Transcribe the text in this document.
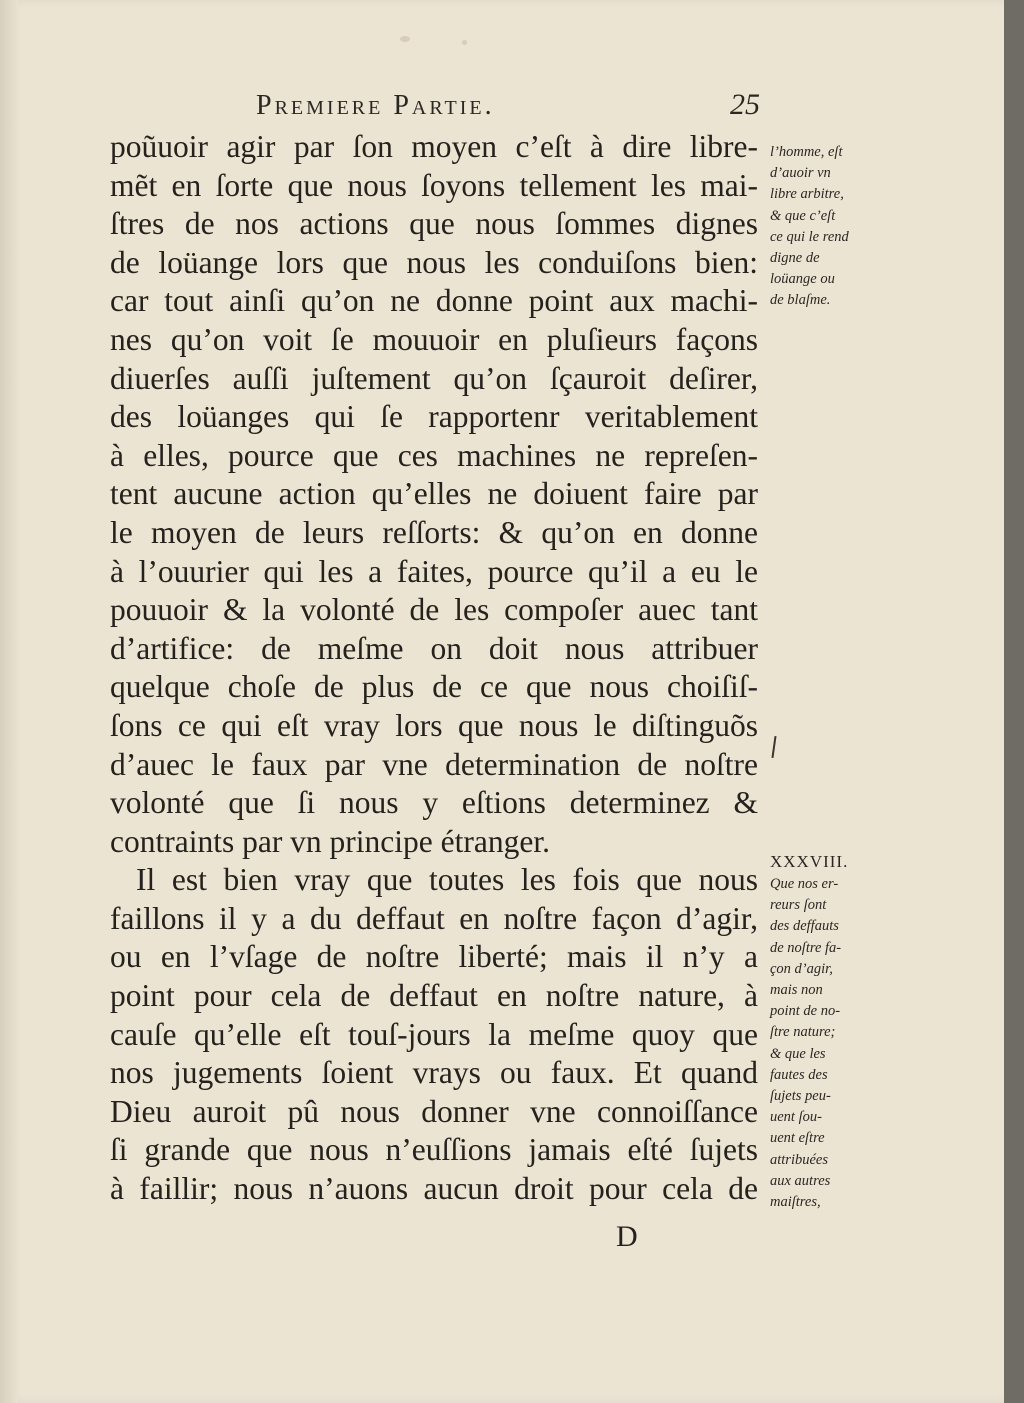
Premiere Partie.	25
poũuoir agir par ſon moyen c’eſt à dire libre-
mẽt en ſorte que nous ſoyons tellement les mai-
ſtres de nos actions que nous ſommes dignes
de loüange lors que nous les conduiſons bien:
car tout ainſi qu’on ne donne point aux machi-
nes qu’on voit ſe mouuoir en pluſieurs façons
diuerſes auſſi juſtement qu’on ſçauroit deſirer,
des loüanges qui ſe rapportenr veritablement
à elles, pource que ces machines ne repreſen-
tent aucune action qu’elles ne doiuent faire par
le moyen de leurs reſſorts: & qu’on en donne
à l’ouurier qui les a faites, pource qu’il a eu le
pouuoir & la volonté de les compoſer auec tant
d’artifice: de meſme on doit nous attribuer
quelque choſe de plus de ce que nous choiſiſ-
ſons ce qui eſt vray lors que nous le diſtinguõs
d’auec le faux par vne determination de noſtre
volonté que ſi nous y eſtions determinez &
contraints par vn principe étranger.
Il est bien vray que toutes les fois que nous
faillons il y a du deffaut en noſtre façon d’agir,
ou en l’vſage de noſtre liberté; mais il n’y a
point pour cela de deffaut en noſtre nature, à
cauſe qu’elle eſt touſ-jours la meſme quoy que
nos jugements ſoient vrays ou faux. Et quand
Dieu auroit pû nous donner vne connoiſſance
ſi grande que nous n’euſſions jamais eſté ſujets
à faillir; nous n’auons aucun droit pour cela de
l’homme, eſt
d’auoir vn
libre arbitre,
& que c’eſt
ce qui le rend
digne de
loüange ou
de blaſme.
XXXVIII.
Que nos er-
reurs ſont
des deffauts
de noſtre fa-
çon d’agir,
mais non
point de no-
ſtre nature;
& que les
fautes des
ſujets peu-
uent ſou-
uent eſtre
attribuées
aux autres
maiſtres,
D
